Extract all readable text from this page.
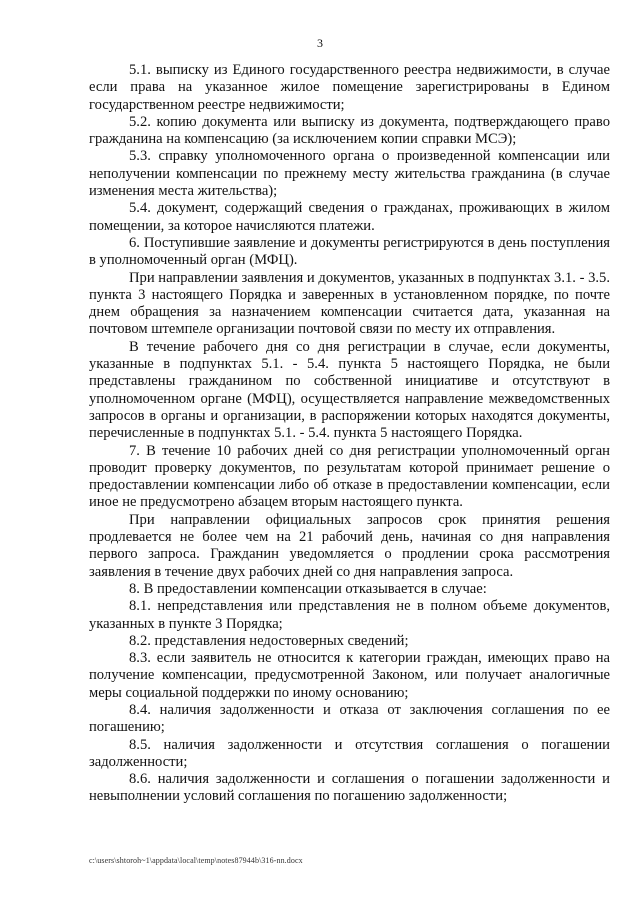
3

5.1. выписку из Единого государственного реестра недвижимости, в случае если права на указанное жилое помещение зарегистрированы в Едином государственном реестре недвижимости;

5.2. копию документа или выписку из документа, подтверждающего право гражданина на компенсацию (за исключением копии справки МСЭ);

5.3. справку уполномоченного органа о произведенной компенсации или неполучении компенсации по прежнему месту жительства гражданина (в случае изменения места жительства);

5.4. документ, содержащий сведения о гражданах, проживающих в жилом помещении, за которое начисляются платежи.

6. Поступившие заявление и документы регистрируются в день поступления в уполномоченный орган (МФЦ).

При направлении заявления и документов, указанных в подпунктах 3.1. - 3.5. пункта 3 настоящего Порядка и заверенных в установленном порядке, по почте днем обращения за назначением компенсации считается дата, указанная на почтовом штемпеле организации почтовой связи по месту их отправления.

В течение рабочего дня со дня регистрации в случае, если документы, указанные в подпунктах 5.1. - 5.4. пункта 5 настоящего Порядка, не были представлены гражданином по собственной инициативе и отсутствуют в уполномоченном органе (МФЦ), осуществляется направление межведомственных запросов в органы и организации, в распоряжении которых находятся документы, перечисленные в подпунктах 5.1. - 5.4. пункта 5 настоящего Порядка.

7. В течение 10 рабочих дней со дня регистрации уполномоченный орган проводит проверку документов, по результатам которой принимает решение о предоставлении компенсации либо об отказе в предоставлении компенсации, если иное не предусмотрено абзацем вторым настоящего пункта.

При направлении официальных запросов срок принятия решения продлевается не более чем на 21 рабочий день, начиная со дня направления первого запроса. Гражданин уведомляется о продлении срока рассмотрения заявления в течение двух рабочих дней со дня направления запроса.

8. В предоставлении компенсации отказывается в случае:

8.1. непредставления или представления не в полном объеме документов, указанных в пункте 3 Порядка;

8.2. представления недостоверных сведений;

8.3. если заявитель не относится к категории граждан, имеющих право на получение компенсации, предусмотренной Законом, или получает аналогичные меры социальной поддержки по иному основанию;

8.4. наличия задолженности и отказа от заключения соглашения по ее погашению;

8.5. наличия задолженности и отсутствия соглашения о погашении задолженности;

8.6. наличия задолженности и соглашения о погашении задолженности и невыполнении условий соглашения по погашению задолженности;

c:\users\shtoroh~1\appdata\local\temp\notes87944b\316-nn.docx
